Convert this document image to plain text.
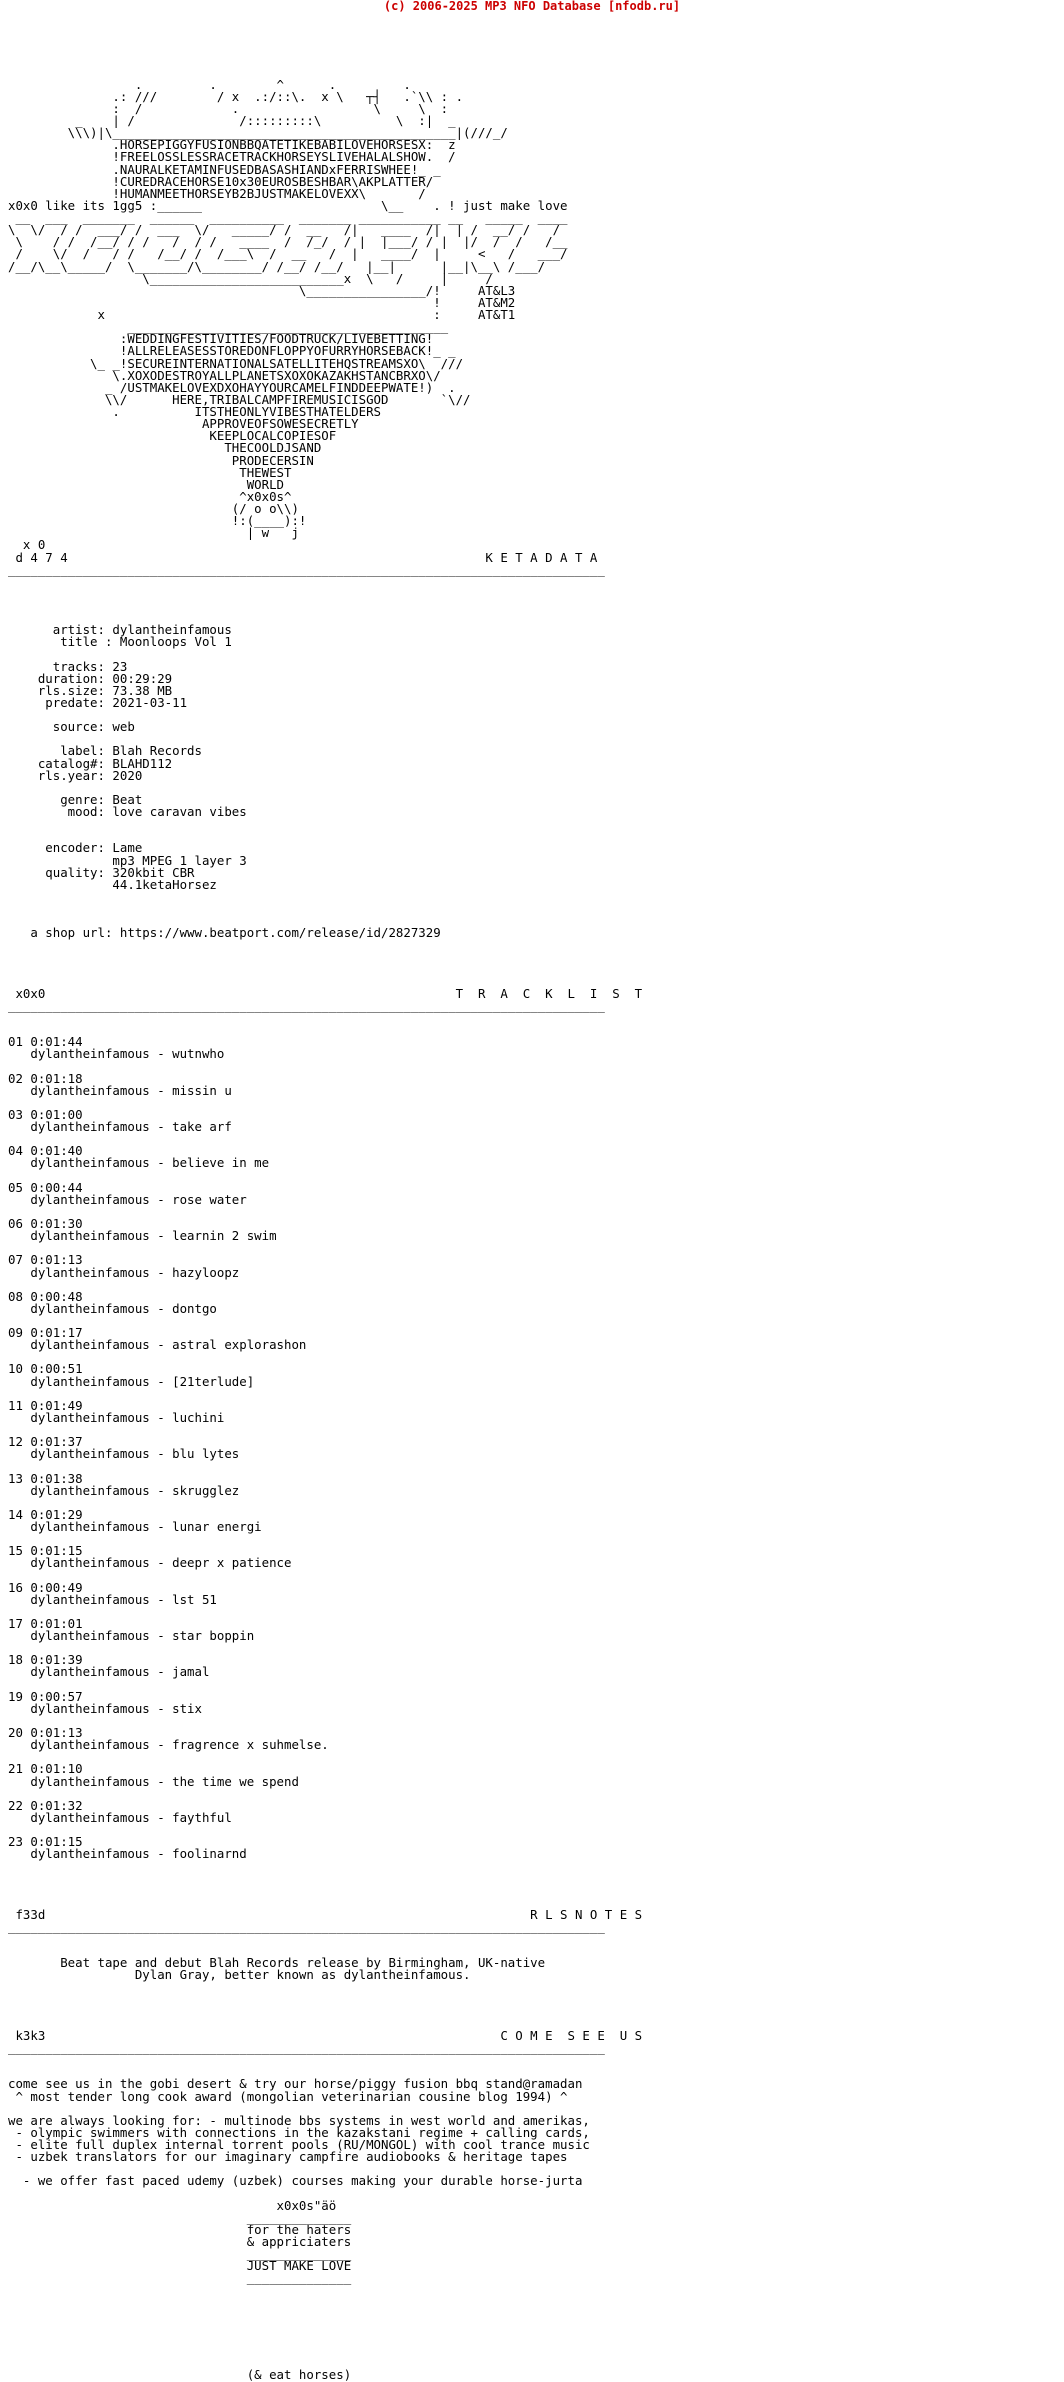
(c) 2006-2025 MP3 NFO Database [nfodb.ru]
.         .        ^      .         .
.: ///        / x  .:/::\.  x \   ┬┤   .`\\ : .
:  /            .                  \     \  :
_    | /              /:::::::::\          \  :|  _
\\\)|\______________________________________________|(///_/
.HORSEPIGGYFUSIONBBQATETIKEBABILOVEHORSESX:  z
!FREELOSSLESSRACETRACKHORSEYSLIVEHALALSHOW.  /
.NAURALKETAMINFUSEDBASASHIANDxFERRISWHEE!_ _
!CUREDRACEHORSE10x30EUROSBESHBAR\AKPLATTER/
!HUMANMEETHORSEYB2BJUSTMAKELOVEXX\       /
x0x0 like its 1gg5 :______                        \__    . ! just make love
__  ___  _______  ______  __________  _______ ___________ __   _____  ____
\  \/  / /  ___/ /  ___  \/   _____/ /  __   /|   ____  /|  | /  __/ /   /
\    / /  /__/ / /   /  / /   ____  /  /_/  / |  |___/ / |  |/  /  /   /__
/    \/  /   / /   /__/ /  /___\  /  __   /  |   ____/  |     <   /   ___/
/__/\__\_____/  \_______/\________/ /__/ /__/   |__|      |__|\__\ /___/
\__________________________x  \   /     |     /
\________________/!     AT&L3
!     AT&M2
x                                            :     AT&T1
___________________________________________
:WEDDINGFESTIVITIES/FOODTRUCK/LIVEBETTING!
!ALLRELEASESSTOREDONFLOPPYOFURRYHORSEBACK!_ _
\_ _!SECUREINTERNATIONALSATELLITEHQSTREAMSXO\  ///
\.XOXODESTROYALLPLANETSXOXOKAZAKHSTANCBRXO\/
_ /USTMAKELOVEXDXOHAYYOURCAMELFINDDEEPWATE!)  .
\\/      HERE,TRIBALCAMPFIREMUSICISGOD       `\//
.          ITSTHEONLYVIBESTHATELDERS
APPROVEOFSOWESECRETLY
KEEPLOCALCOPIESOF
THECOOLDJSAND
PRODECERSIN
THEWEST
WORLD
^x0x0s^
(/ o o\\)
!:(____):!
| w   j
x 0
d 4 7 4                                                        K E T A D A T A
________________________________________________________________________________
artist: dylantheinfamous
title : Moonloops Vol 1
tracks: 23
duration: 00:29:29
rls.size: 73.38 MB
predate: 2021-03-11
source: web
label: Blah Records
catalog#: BLAHD112
rls.year: 2020
genre: Beat
mood: love caravan vibes
encoder: Lame
mp3 MPEG 1 layer 3
quality: 320kbit CBR
44.1ketaHorsez
a shop url: https://www.beatport.com/release/id/2827329
x0x0                                                       T  R  A  C  K  L  I  S  T
________________________________________________________________________________
01 0:01:44
dylantheinfamous - wutnwho
02 0:01:18
dylantheinfamous - missin u
03 0:01:00
dylantheinfamous - take arf
04 0:01:40
dylantheinfamous - believe in me
05 0:00:44
dylantheinfamous - rose water
06 0:01:30
dylantheinfamous - learnin 2 swim
07 0:01:13
dylantheinfamous - hazyloopz
08 0:00:48
dylantheinfamous - dontgo
09 0:01:17
dylantheinfamous - astral explorashon
10 0:00:51
dylantheinfamous - [21terlude]
11 0:01:49
dylantheinfamous - luchini
12 0:01:37
dylantheinfamous - blu lytes
13 0:01:38
dylantheinfamous - skrugglez
14 0:01:29
dylantheinfamous - lunar energi
15 0:01:15
dylantheinfamous - deepr x patience
16 0:00:49
dylantheinfamous - lst 51
17 0:01:01
dylantheinfamous - star boppin
18 0:01:39
dylantheinfamous - jamal
19 0:00:57
dylantheinfamous - stix
20 0:01:13
dylantheinfamous - fragrence x suhmelse.
21 0:01:10
dylantheinfamous - the time we spend
22 0:01:32
dylantheinfamous - faythful
23 0:01:15
dylantheinfamous - foolinarnd
f33d                                                                 R L S N O T E S
________________________________________________________________________________
Beat tape and debut Blah Records release by Birmingham, UK-native
Dylan Gray, better known as dylantheinfamous.
k3k3                                                             C O M E  S E E  U S
________________________________________________________________________________
come see us in the gobi desert & try our horse/piggy fusion bbq stand@ramadan
^ most tender long cook award (mongolian veterinarian cousine blog 1994) ^
we are always looking for: - multinode bbs systems in west world and amerikas,
- olympic swimmers with connections in the kazakstani regime + calling cards,
- elite full duplex internal torrent pools (RU/MONGOL) with cool trance music
- uzbek translators for our imaginary campfire audiobooks & heritage tapes
- we offer fast paced udemy (uzbek) courses making your durable horse-jurta
x0x0s"äö
______________
for the haters
& appriciaters
______________
JUST MAKE LOVE
______________
(& eat horses)
